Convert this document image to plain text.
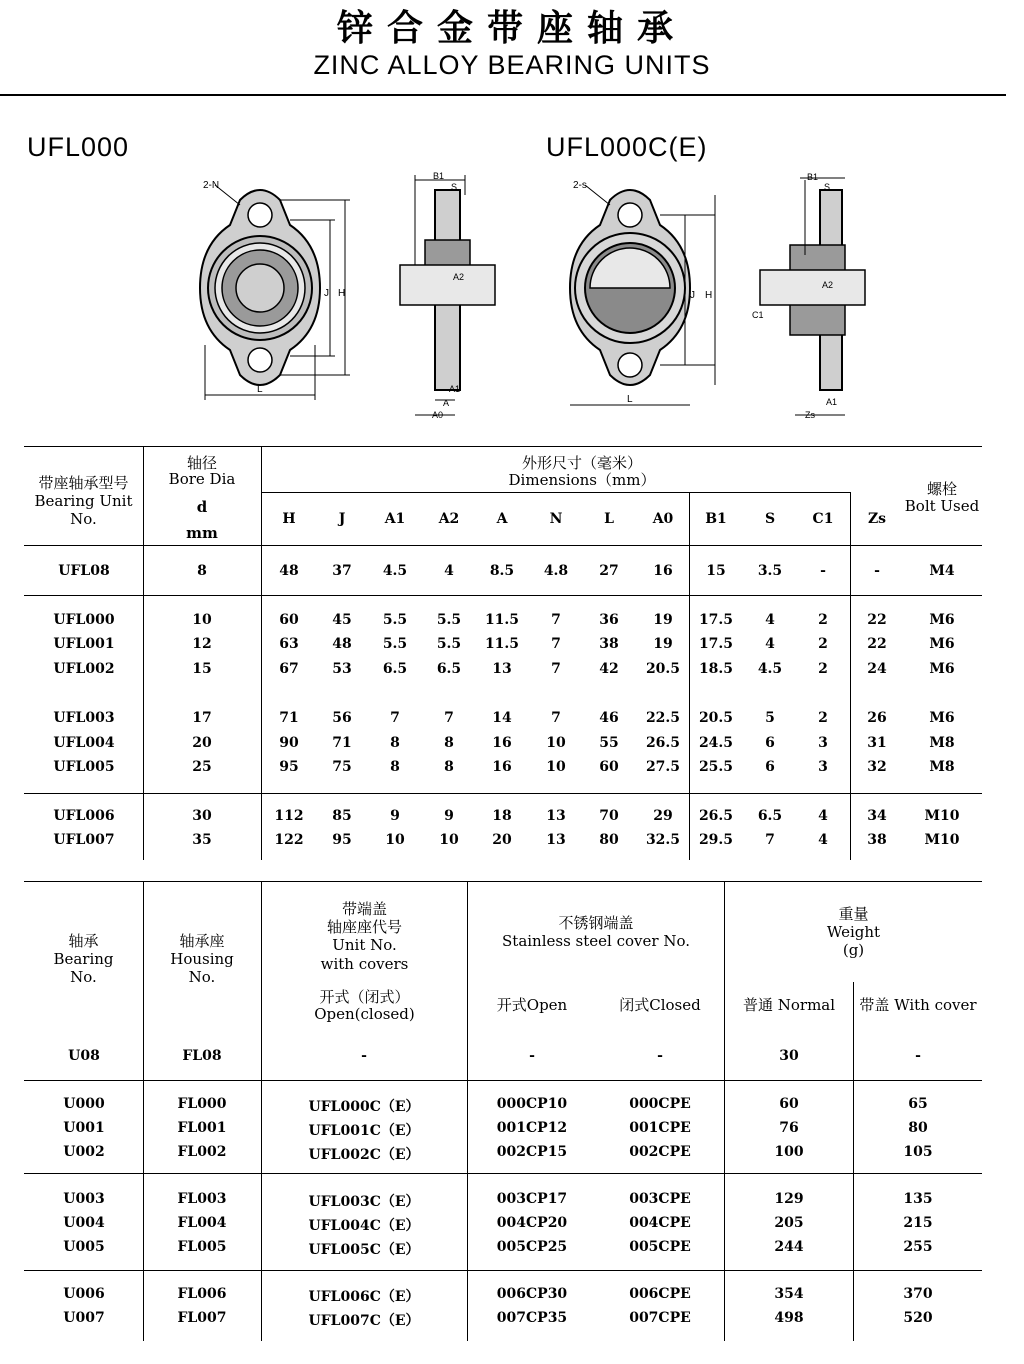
锌合金带座轴承
ZINC ALLOY BEARING UNITS
UFL000	UFL000C(E)
2-N
J H
L
B1
S
A2
A1
A
A0
2-s
J H
L
B1
S
A2
C1
A1
Zs
带座轴承型号
Bearing Unit
No.
轴径
Bore Dia
d
mm
外形尺寸（毫米）
Dimensions（mm）	螺栓
Bolt Used
H	J	A1	A2	A	N	L	A0	B1	S	C1	Zs
UFL08	8	48	37	4.5	4	8.5	4.8	27	16	15	3.5	-	-	M4
UFL000	10	60	45	5.5	5.5	11.5	7	36	19	17.5	4	2	22	M6
UFL001	12	63	48	5.5	5.5	11.5	7	38	19	17.5	4	2	22	M6
UFL002	15	67	53	6.5	6.5	13	7	42	20.5	18.5	4.5	2	24	M6
UFL003	17	71	56	7	7	14	7	46	22.5	20.5	5	2	26	M6
UFL004	20	90	71	8	8	16	10	55	26.5	24.5	6	3	31	M8
UFL005	25	95	75	8	8	16	10	60	27.5	25.5	6	3	32	M8
UFL006	30	112	85	9	9	18	13	70	29	26.5	6.5	4	34	M10
UFL007	35	122	95	10	10	20	13	80	32.5	29.5	7	4	38	M10
轴承
Bearing
No.
轴承座
Housing
No.
带端盖
轴座座代号
Unit No.
with covers
开式（闭式）
Open(closed)
不锈钢端盖
Stainless steel cover No.
开式Open	闭式Closed
重量
Weight
(g)
普通 Normal	带盖 With cover
U08	FL08	-	-	-	30	-
U000	FL000	UFL000C（E）	000CP10	000CPE	60	65
U001	FL001	UFL001C（E）	001CP12	001CPE	76	80
U002	FL002	UFL002C（E）	002CP15	002CPE	100	105
U003	FL003	UFL003C（E）	003CP17	003CPE	129	135
U004	FL004	UFL004C（E）	004CP20	004CPE	205	215
U005	FL005	UFL005C（E）	005CP25	005CPE	244	255
U006	FL006	UFL006C（E）	006CP30	006CPE	354	370
U007	FL007	UFL007C（E）	007CP35	007CPE	498	520
